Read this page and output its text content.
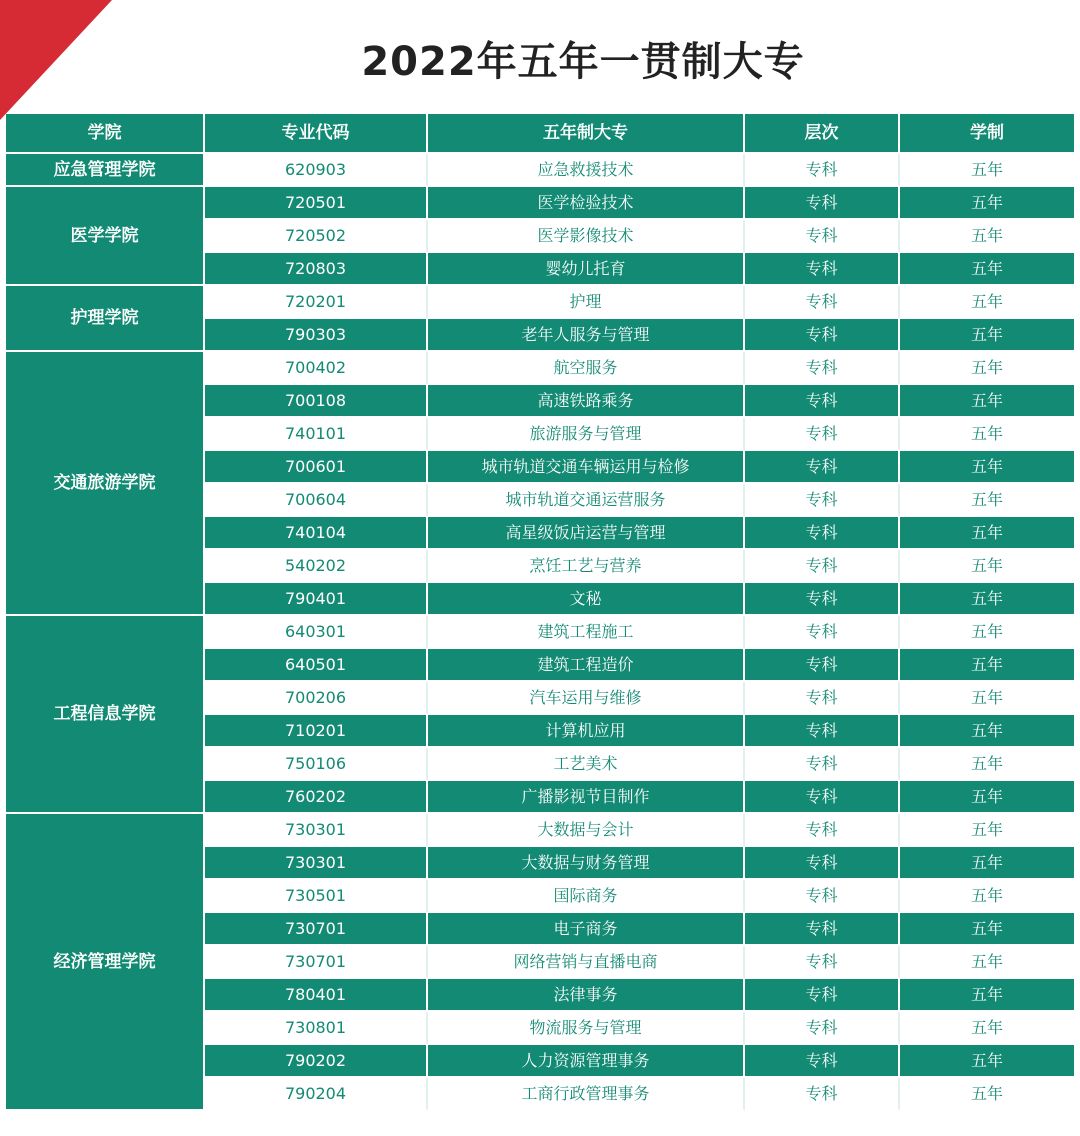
2022年五年一贯制大专
学院	专业代码	五年制大专	层次	学制
应急管理学院	620903	应急救援技术	专科	五年
医学学院	720501	医学检验技术	专科	五年
	720502	医学影像技术	专科	五年
	720803	婴幼儿托育	专科	五年
护理学院	720201	护理	专科	五年
	790303	老年人服务与管理	专科	五年
交通旅游学院	700402	航空服务	专科	五年
	700108	高速铁路乘务	专科	五年
	740101	旅游服务与管理	专科	五年
	700601	城市轨道交通车辆运用与检修	专科	五年
	700604	城市轨道交通运营服务	专科	五年
	740104	高星级饭店运营与管理	专科	五年
	540202	烹饪工艺与营养	专科	五年
	790401	文秘	专科	五年
工程信息学院	640301	建筑工程施工	专科	五年
	640501	建筑工程造价	专科	五年
	700206	汽车运用与维修	专科	五年
	710201	计算机应用	专科	五年
	750106	工艺美术	专科	五年
	760202	广播影视节目制作	专科	五年
经济管理学院	730301	大数据与会计	专科	五年
	730301	大数据与财务管理	专科	五年
	730501	国际商务	专科	五年
	730701	电子商务	专科	五年
	730701	网络营销与直播电商	专科	五年
	780401	法律事务	专科	五年
	730801	物流服务与管理	专科	五年
	790202	人力资源管理事务	专科	五年
	790204	工商行政管理事务	专科	五年
